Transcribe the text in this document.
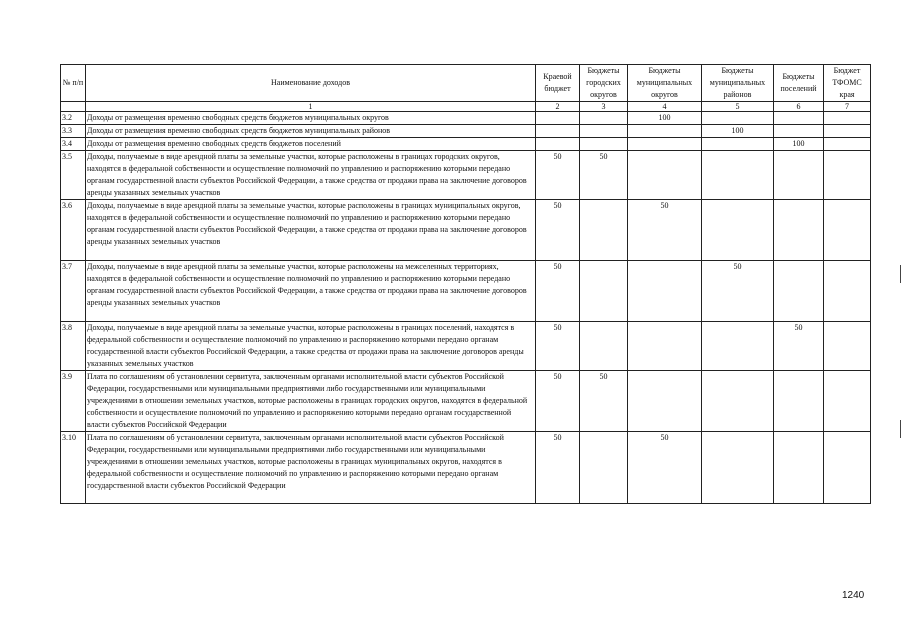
№ п/п	Наименование доходов	Краевой бюджет	Бюджеты городских округов	Бюджеты муниципальных округов	Бюджеты муниципальных районов	Бюджеты поселений	Бюджет ТФОМС края
	1	2	3	4	5	6	7
3.2	Доходы от размещения временно свободных средств бюджетов муниципальных округов			100			
3.3	Доходы от размещения временно свободных средств бюджетов муниципальных районов				100		
3.4	Доходы от размещения временно свободных средств бюджетов поселений					100	
3.5	Доходы, получаемые в виде арендной платы за земельные участки, которые расположены в границах городских округов, находятся в федеральной собственности и осуществление полномочий по управлению и распоряжению которыми передано органам государственной власти субъектов Российской Федерации, а также средства от продажи права на заключение договоров аренды указанных земельных участков	50	50				
3.6	Доходы, получаемые в виде арендной платы за земельные участки, которые расположены в границах муниципальных округов, находятся в федеральной собственности и осуществление полномочий по управлению и распоряжению которыми передано органам государственной власти субъектов Российской Федерации, а также средства от продажи права на заключение договоров аренды указанных земельных участков	50		50			
3.7	Доходы, получаемые в виде арендной платы за земельные участки, которые расположены на межселенных территориях, находятся в федеральной собственности и осуществление полномочий по управлению и распоряжению которыми передано органам государственной власти субъектов Российской Федерации, а также средства от продажи права на заключение договоров аренды указанных земельных участков	50			50		
3.8	Доходы, получаемые в виде арендной платы за земельные участки, которые расположены в границах поселений, находятся в федеральной собственности и осуществление полномочий по управлению и распоряжению которыми передано органам государственной власти субъектов Российской Федерации, а также средства от продажи права на заключение договоров аренды указанных земельных участков	50				50	
3.9	Плата по соглашениям об установлении сервитута, заключенным органами исполнительной власти субъектов Российской Федерации, государственными или муниципальными предприятиями либо государственными или муниципальными учреждениями в отношении земельных участков, которые расположены в границах городских округов, находятся в федеральной собственности и осуществление полномочий по управлению и распоряжению которыми передано органам государственной власти субъектов Российской Федерации	50	50				
3.10	Плата по соглашениям об установлении сервитута, заключенным органами исполнительной власти субъектов Российской Федерации, государственными или муниципальными предприятиями либо государственными или муниципальными учреждениями в отношении земельных участков, которые расположены в границах муниципальных округов, находятся в федеральной собственности и осуществление полномочий по управлению и распоряжению которыми передано органам государственной власти субъектов Российской Федерации	50		50			
1240
